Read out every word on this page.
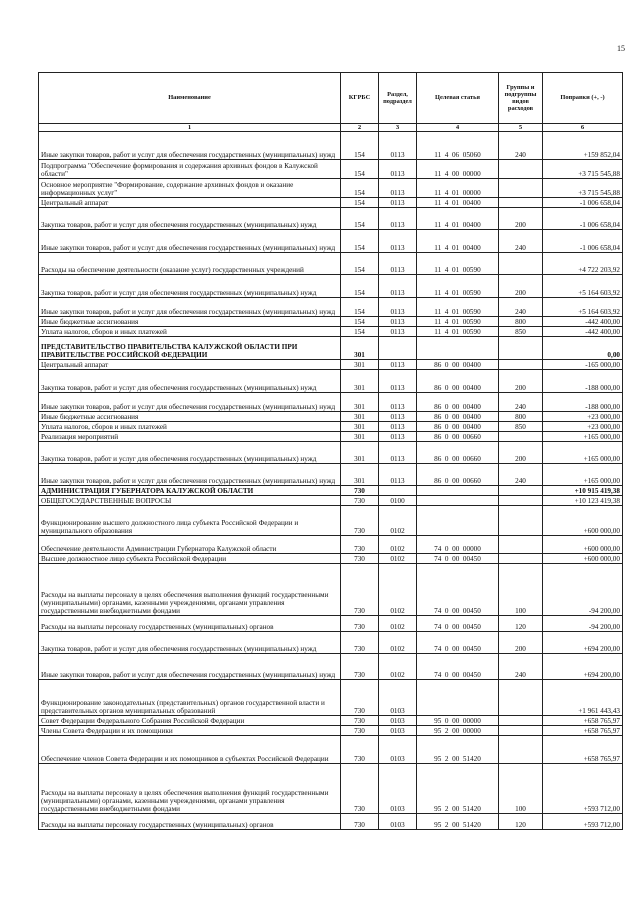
15
Наименование	КГРБС	Раздел, подраздел	Целевая статья	Группы и подгруппы видов расходов	Поправки (+, -)
1	2	3	4	5	6
Иные закупки товаров, работ и услуг для обеспечения государственных (муниципальных) нужд	154	0113	11  4  06  05060	240	+159 852,04
Подпрограмма "Обеспечение формирования и содержания архивных фондов в Калужской области"	154	0113	11  4  00  00000		+3 715 545,88
Основное мероприятие "Формирование, содержание архивных фондов и оказание информационных услуг"	154	0113	11  4  01  00000		+3 715 545,88
Центральный аппарат	154	0113	11  4  01  00400		-1 006 658,04
Закупка товаров, работ и услуг для обеспечения государственных (муниципальных) нужд	154	0113	11  4  01  00400	200	-1 006 658,04
Иные закупки товаров, работ и услуг для обеспечения государственных (муниципальных) нужд	154	0113	11  4  01  00400	240	-1 006 658,04
Расходы на обеспечение деятельности (оказание услуг) государственных учреждений	154	0113	11  4  01  00590		+4 722 203,92
Закупка товаров, работ и услуг для обеспечения государственных (муниципальных) нужд	154	0113	11  4  01  00590	200	+5 164 603,92
Иные закупки товаров, работ и услуг для обеспечения государственных (муниципальных) нужд	154	0113	11  4  01  00590	240	+5 164 603,92
Иные бюджетные ассигнования	154	0113	11  4  01  00590	800	-442 400,00
Уплата налогов, сборов и иных платежей	154	0113	11  4  01  00590	850	-442 400,00
ПРЕДСТАВИТЕЛЬСТВО ПРАВИТЕЛЬСТВА КАЛУЖСКОЙ ОБЛАСТИ ПРИ ПРАВИТЕЛЬСТВЕ РОССИЙСКОЙ ФЕДЕРАЦИИ	301				0,00
Центральный аппарат	301	0113	86  0  00  00400		-165 000,00
Закупка товаров, работ и услуг для обеспечения государственных (муниципальных) нужд	301	0113	86  0  00  00400	200	-188 000,00
Иные закупки товаров, работ и услуг для обеспечения государственных (муниципальных) нужд	301	0113	86  0  00  00400	240	-188 000,00
Иные бюджетные ассигнования	301	0113	86  0  00  00400	800	+23 000,00
Уплата налогов, сборов и иных платежей	301	0113	86  0  00  00400	850	+23 000,00
Реализация мероприятий	301	0113	86  0  00  00660		+165 000,00
Закупка товаров, работ и услуг для обеспечения государственных (муниципальных) нужд	301	0113	86  0  00  00660	200	+165 000,00
Иные закупки товаров, работ и услуг для обеспечения государственных (муниципальных) нужд	301	0113	86  0  00  00660	240	+165 000,00
АДМИНИСТРАЦИЯ ГУБЕРНАТОРА КАЛУЖСКОЙ ОБЛАСТИ	730				+10 915 419,38
ОБЩЕГОСУДАРСТВЕННЫЕ ВОПРОСЫ	730	0100			+10 123 419,38
Функционирование высшего должностного лица субъекта Российской Федерации и муниципального образования	730	0102			+600 000,00
Обеспечение деятельности Администрации Губернатора Калужской области	730	0102	74  0  00  00000		+600 000,00
Высшее должностное лицо субъекта Российской Федерации	730	0102	74  0  00  00450		+600 000,00
Расходы на выплаты персоналу в целях обеспечения выполнения функций государственными (муниципальными) органами, казенными учреждениями, органами управления государственными внебюджетными фондами	730	0102	74  0  00  00450	100	-94 200,00
Расходы на выплаты персоналу государственных (муниципальных) органов	730	0102	74  0  00  00450	120	-94 200,00
Закупка товаров, работ и услуг для обеспечения государственных (муниципальных) нужд	730	0102	74  0  00  00450	200	+694 200,00
Иные закупки товаров, работ и услуг для обеспечения государственных (муниципальных) нужд	730	0102	74  0  00  00450	240	+694 200,00
Функционирование законодательных (представительных) органов государственной власти и представительных органов муниципальных образований	730	0103			+1 961 443,43
Совет Федерации Федерального Собрания Российской Федерации	730	0103	95  0  00  00000		+658 765,97
Члены Совета Федерации и их помощники	730	0103	95  2  00  00000		+658 765,97
Обеспечение членов Совета Федерации и их помощников в субъектах Российской Федерации	730	0103	95  2  00  51420		+658 765,97
Расходы на выплаты персоналу в целях обеспечения выполнения функций государственными (муниципальными) органами, казенными учреждениями, органами управления государственными внебюджетными фондами	730	0103	95  2  00  51420	100	+593 712,00
Расходы на выплаты персоналу государственных (муниципальных) органов	730	0103	95  2  00  51420	120	+593 712,00
